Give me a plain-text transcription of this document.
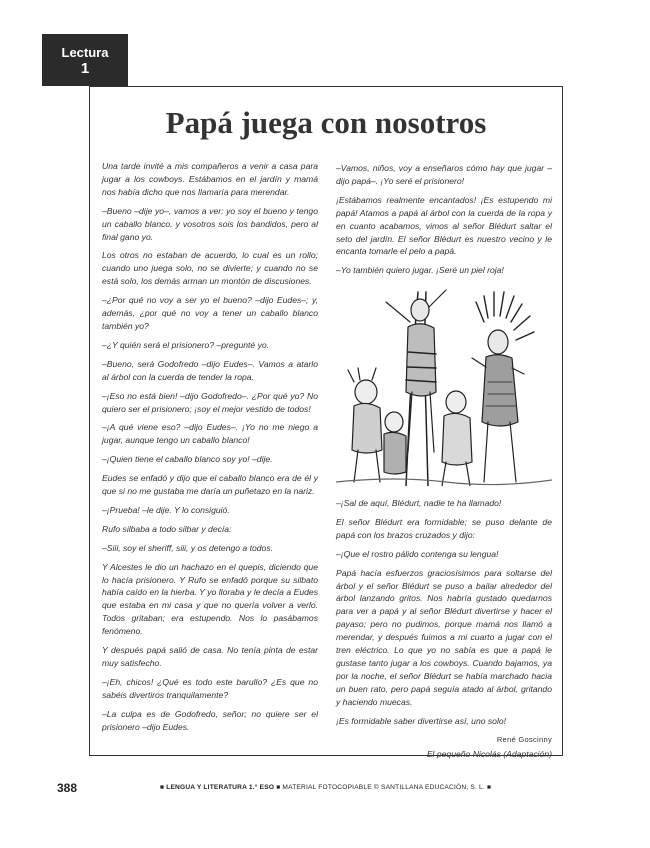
Lectura
1
Papá juega con nosotros

Una tarde invité a mis compañeros a venir a casa para jugar a los cowboys. Estábamos en el jardín y mamá nos había dicho que nos llamaría para merendar.

–Bueno –dije yo–, vamos a ver: yo soy el bueno y tengo un caballo blanco, y vosotros sois los bandidos, pero al final gano yo.

Los otros no estaban de acuerdo, lo cual es un rollo; cuando uno juega solo, no se divierte; y cuando no se está solo, los demás arman un montón de discusiones.

–¿Por qué no voy a ser yo el bueno? –dijo Eudes–; y, además, ¿por qué no voy a tener un caballo blanco también yo?

–¿Y quién será el prisionero? –pregunté yo.

–Bueno, será Godofredo –dijo Eudes–. Vamos a atarlo al árbol con la cuerda de tender la ropa.

–¡Eso no está bien! –dijo Godofredo–. ¿Por qué yo? No quiero ser el prisionero; ¡soy el mejor vestido de todos!

–¡A qué viene eso? –dijo Eudes–. ¡Yo no me niego a jugar, aunque tengo un caballo blanco!

–¡Quien tiene el caballo blanco soy yo! –dije.

Eudes se enfadó y dijo que el caballo blanco era de él y que si no me gustaba me daría un puñetazo en la nariz.

–¡Prueba! –le dije. Y lo consiguió.

Rufo silbaba a todo silbar y decía:

–Siii, soy el sheriff, siii, y os detengo a todos.

Y Alcestes le dio un hachazo en el quepis, diciendo que lo hacía prisionero. Y Rufo se enfadó porque su silbato había caído en la hierba. Y yo lloraba y le decía a Eudes que estaba en mi casa y que no quería volver a verlo. Todos gritaban; era estupendo. Nos lo pasábamos fenómeno.

Y después papá salió de casa. No tenía pinta de estar muy satisfecho.

–¡Eh, chicos! ¿Qué es todo este barullo? ¿Es que no sabéis divertiros tranquilamente?

–La culpa es de Godofredo, señor; no quiere ser el prisionero –dijo Eudes.

–Vamos, niños, voy a enseñaros cómo hay que jugar –dijo papá–. ¡Yo seré el prisionero!

¡Estábamos realmente encantados! ¡Es estupendo mi papá! Atamos a papá al árbol con la cuerda de la ropa y en cuanto acabamos, vimos al señor Blédurt saltar el seto del jardín. El señor Blédurt es nuestro vecino y le encanta tomarle el pelo a papá.

–Yo también quiero jugar. ¡Seré un piel roja!

–¡Sal de aquí, Blédurt, nadie te ha llamado!

El señor Blédurt era formidable; se puso delante de papá con los brazos cruzados y dijo:

–¡Que el rostro pálido contenga su lengua!

Papá hacía esfuerzos graciosísimos para soltarse del árbol y el señor Blédurt se puso a bailar alrededor del árbol lanzando gritos. Nos habría gustado quedarnos para ver a papá y al señor Blédurt divertirse y hacer el payaso; pero no pudimos, porque mamá nos llamó a merendar, y después fuimos a mi cuarto a jugar con el tren eléctrico. Lo que yo no sabía es que a papá le gustase tanto jugar a los cowboys. Cuando bajamos, ya por la noche, el señor Blédurt se había marchado hacia un buen rato, pero papá seguía atado al árbol, gritando y haciendo muecas.

¡Es formidable saber divertirse así, uno solo!

René Goscinny

El pequeño Nicolás (Adaptación)

388	■ LENGUA Y LITERATURA 1.° ESO ■ MATERIAL FOTOCOPIABLE © SANTILLANA EDUCACIÓN, S. L. ■
